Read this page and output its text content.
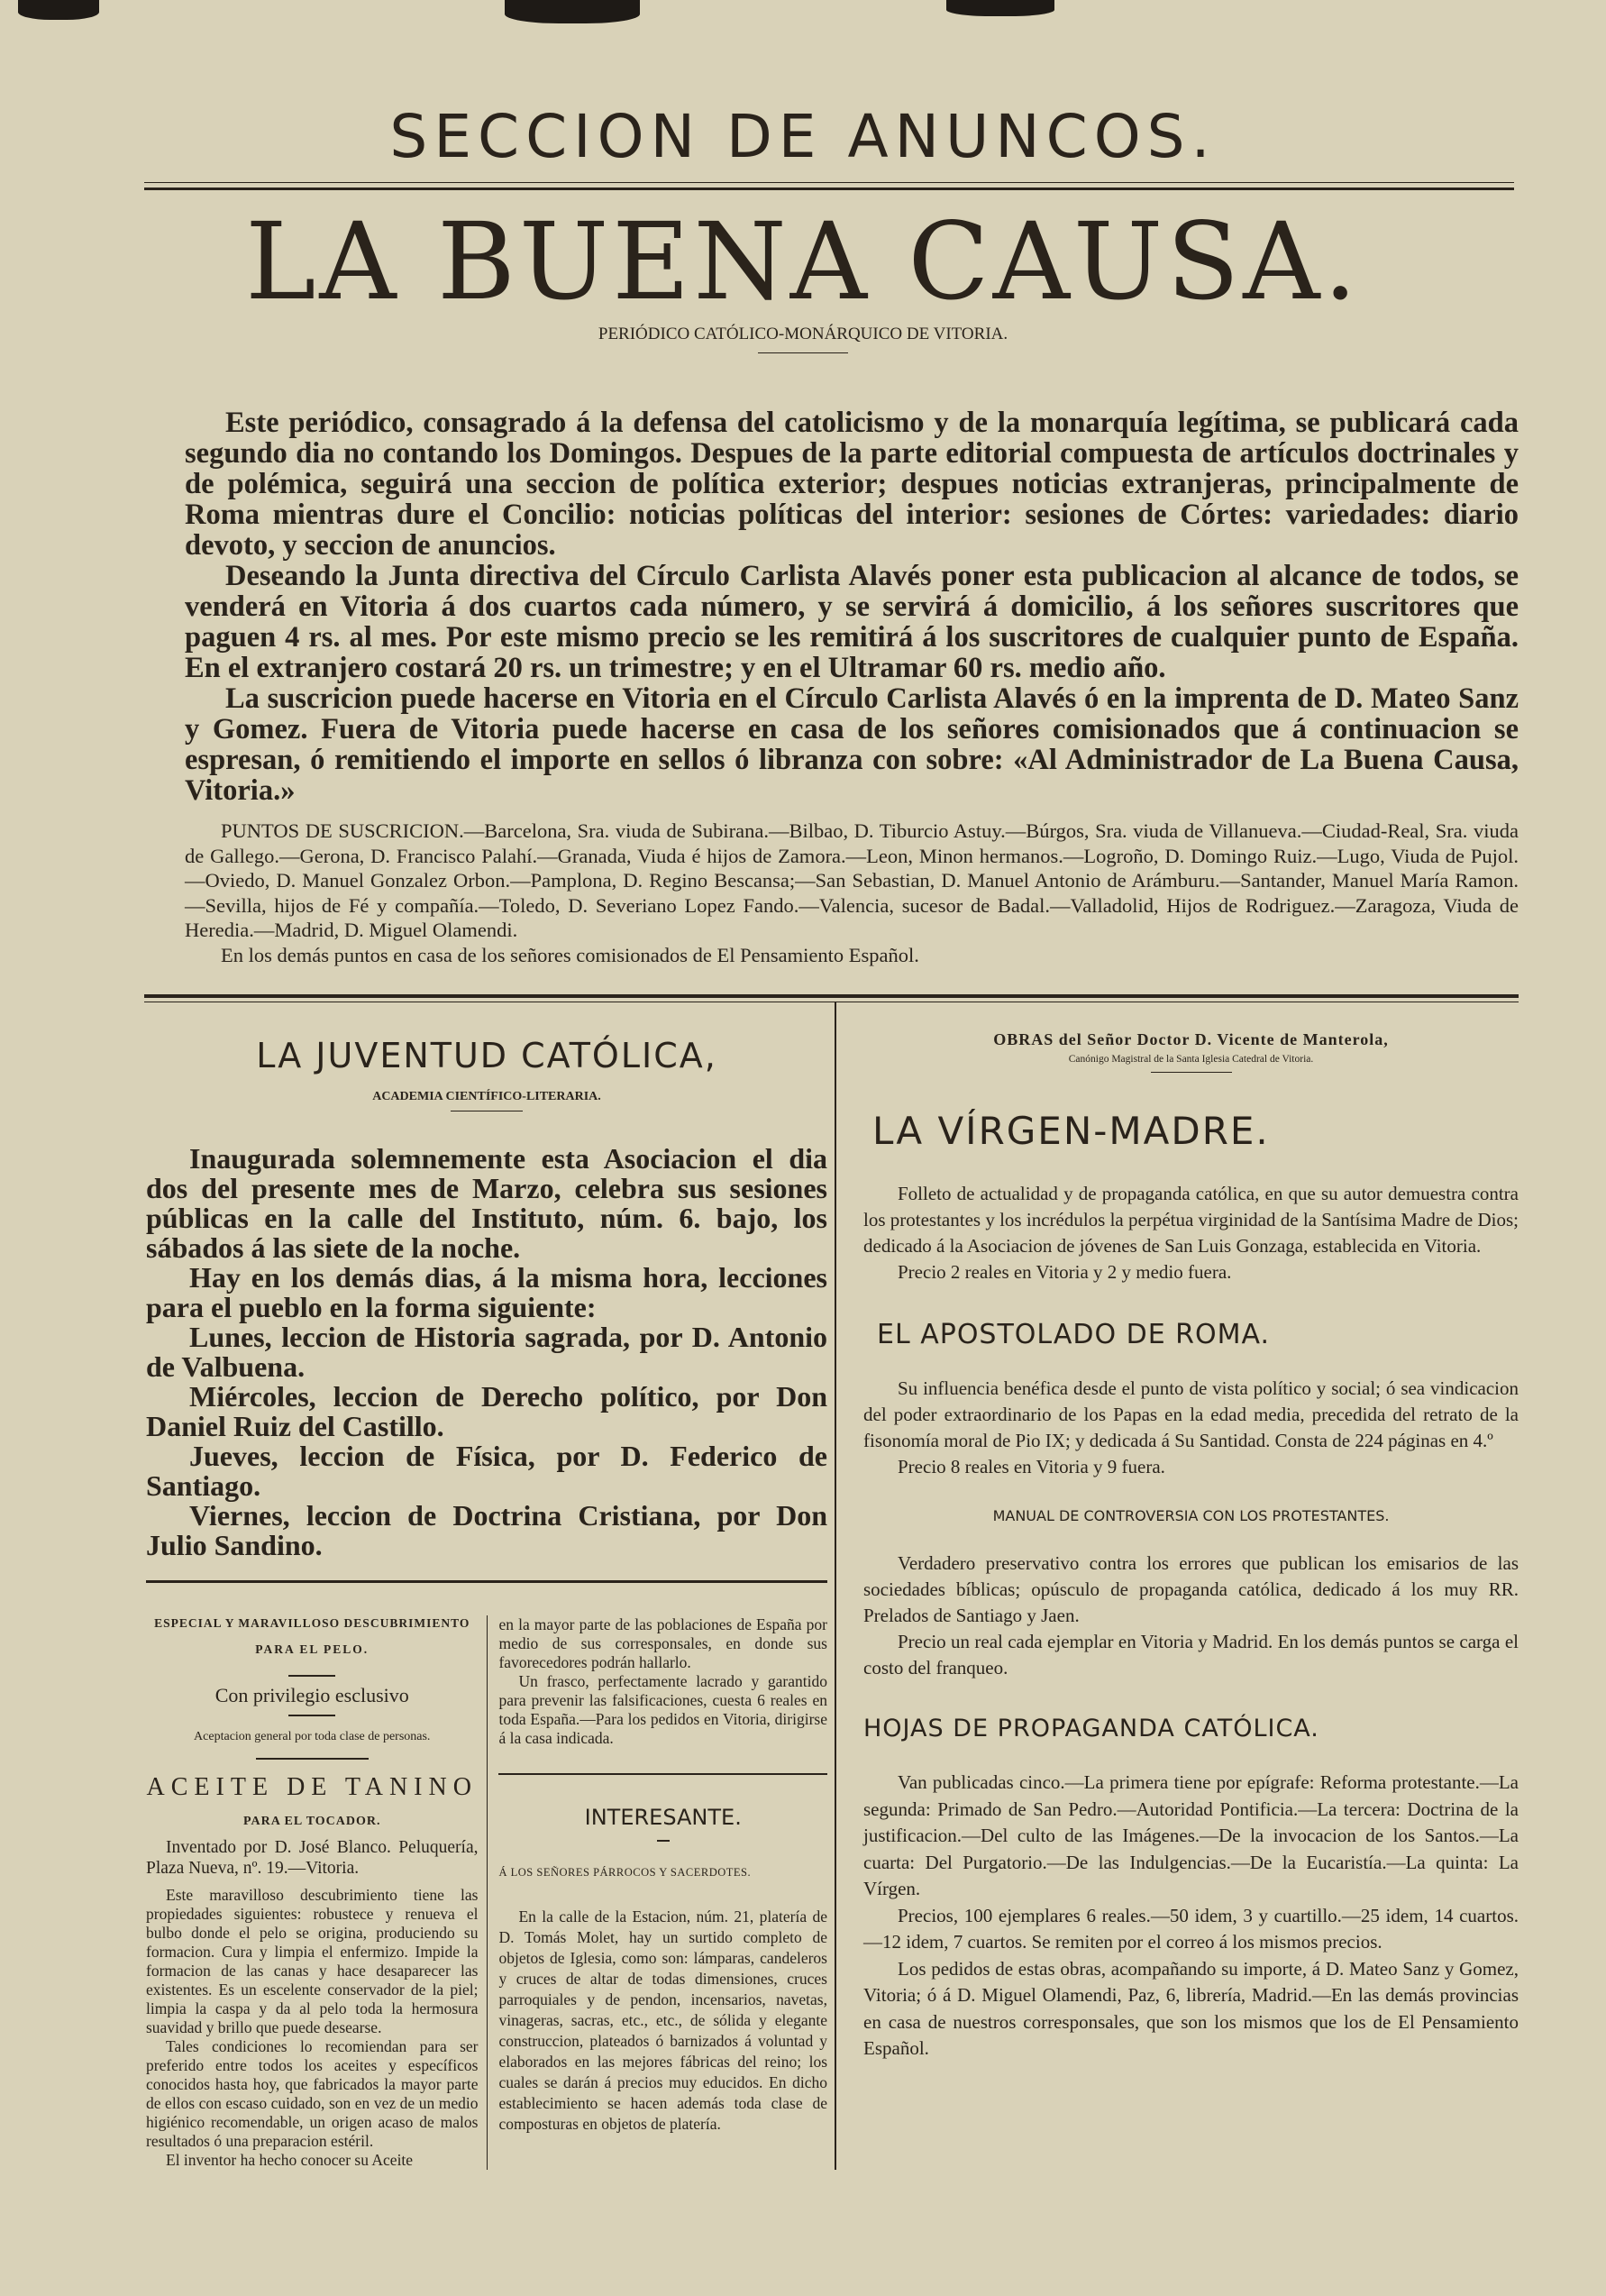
SECCION DE ANUNCOS.
LA BUENA CAUSA.
PERIÓDICO CATÓLICO-MONÁRQUICO DE VITORIA.

Este periódico, consagrado á la defensa del catolicismo y de la monarquía legítima, se publicará cada segundo dia no contando los Domingos. Despues de la parte editorial compuesta de artículos doctrinales y de polémica, seguirá una seccion de política exterior; despues noticias extranjeras, principalmente de Roma mientras dure el Concilio: noticias políticas del interior: sesiones de Córtes: variedades: diario devoto, y seccion de anuncios.

Deseando la Junta directiva del Círculo Carlista Alavés poner esta publicacion al alcance de todos, se venderá en Vitoria á dos cuartos cada número, y se servirá á domicilio, á los señores suscritores que paguen 4 rs. al mes. Por este mismo precio se les remitirá á los suscritores de cualquier punto de España. En el extranjero costará 20 rs. un trimestre; y en el Ultramar 60 rs. medio año.

La suscricion puede hacerse en Vitoria en el Círculo Carlista Alavés ó en la imprenta de D. Mateo Sanz y Gomez. Fuera de Vitoria puede hacerse en casa de los señores comisionados que á continuacion se espresan, ó remitiendo el importe en sellos ó libranza con sobre: «Al Administrador de La Buena Causa, Vitoria.»

PUNTOS DE SUSCRICION.—Barcelona, Sra. viuda de Subirana.—Bilbao, D. Tiburcio Astuy.—Búrgos, Sra. viuda de Villanueva.—Ciudad-Real, Sra. viuda de Gallego.—Gerona, D. Francisco Palahí.—Granada, Viuda é hijos de Zamora.—Leon, Minon hermanos.—Logroño, D. Domingo Ruiz.—Lugo, Viuda de Pujol.—Oviedo, D. Manuel Gonzalez Orbon.—Pamplona, D. Regino Bescansa;—San Sebastian, D. Manuel Antonio de Arámburu.—Santander, Manuel María Ramon.—Sevilla, hijos de Fé y compañía.—Toledo, D. Severiano Lopez Fando.—Valencia, sucesor de Badal.—Valladolid, Hijos de Rodriguez.—Zaragoza, Viuda de Heredia.—Madrid, D. Miguel Olamendi.

En los demás puntos en casa de los señores comisionados de El Pensamiento Español.

LA JUVENTUD CATÓLICA,
ACADEMIA CIENTÍFICO-LITERARIA.

Inaugurada solemnemente esta Asociacion el dia dos del presente mes de Marzo, celebra sus sesiones públicas en la calle del Instituto, núm. 6. bajo, los sábados á las siete de la noche.

Hay en los demás dias, á la misma hora, lecciones para el pueblo en la forma siguiente:

Lunes, leccion de Historia sagrada, por D. Antonio de Valbuena.

Miércoles, leccion de Derecho político, por Don Daniel Ruiz del Castillo.

Jueves, leccion de Física, por D. Federico de Santiago.

Viernes, leccion de Doctrina Cristiana, por Don Julio Sandino.

ESPECIAL Y MARAVILLOSO DESCUBRIMIENTO
PARA EL PELO.
Con privilegio esclusivo
Aceptacion general por toda clase de personas.
ACEITE DE TANINO
PARA EL TOCADOR.
Inventado por D. José Blanco. Peluquería, Plaza Nueva, nº. 19.—Vitoria.

Este maravilloso descubrimiento tiene las propiedades siguientes: robustece y renueva el bulbo donde el pelo se origina, produciendo su formacion. Cura y limpia el enfermizo. Impide la formacion de las canas y hace desaparecer las existentes. Es un escelente conservador de la piel; limpia la caspa y da al pelo toda la hermosura suavidad y brillo que puede desearse.

Tales condiciones lo recomiendan para ser preferido entre todos los aceites y específicos conocidos hasta hoy, que fabricados la mayor parte de ellos con escaso cuidado, son en vez de un medio higiénico recomendable, un origen acaso de malos resultados ó una preparacion estéril.

El inventor ha hecho conocer su Aceite

en la mayor parte de las poblaciones de España por medio de sus corresponsales, en donde sus favorecedores podrán hallarlo.

Un frasco, perfectamente lacrado y garantido para prevenir las falsificaciones, cuesta 6 reales en toda España.—Para los pedidos en Vitoria, dirigirse á la casa indicada.

INTERESANTE.
Á LOS SEÑORES PÁRROCOS Y SACERDOTES.

En la calle de la Estacion, núm. 21, platería de D. Tomás Molet, hay un surtido completo de objetos de Iglesia, como son: lámparas, candeleros y cruces de altar de todas dimensiones, cruces parroquiales y de pendon, incensarios, navetas, vinageras, sacras, etc., etc., de sólida y elegante construccion, plateados ó barnizados á voluntad y elaborados en las mejores fábricas del reino; los cuales se darán á precios muy educidos. En dicho establecimiento se hacen además toda clase de composturas en objetos de platería.

OBRAS del Señor Doctor D. Vicente de Manterola,
Canónigo Magistral de la Santa Iglesia Catedral de Vitoria.
LA VÍRGEN-MADRE.

Folleto de actualidad y de propaganda católica, en que su autor demuestra contra los protestantes y los incrédulos la perpétua virginidad de la Santísima Madre de Dios; dedicado á la Asociacion de jóvenes de San Luis Gonzaga, establecida en Vitoria.

Precio 2 reales en Vitoria y 2 y medio fuera.

EL APOSTOLADO DE ROMA.

Su influencia benéfica desde el punto de vista político y social; ó sea vindicacion del poder extraordinario de los Papas en la edad media, precedida del retrato de la fisonomía moral de Pio IX; y dedicada á Su Santidad. Consta de 224 páginas en 4.º

Precio 8 reales en Vitoria y 9 fuera.

MANUAL DE CONTROVERSIA CON LOS PROTESTANTES.

Verdadero preservativo contra los errores que publican los emisarios de las sociedades bíblicas; opúsculo de propaganda católica, dedicado á los muy RR. Prelados de Santiago y Jaen.

Precio un real cada ejemplar en Vitoria y Madrid. En los demás puntos se carga el costo del franqueo.

HOJAS DE PROPAGANDA CATÓLICA.

Van publicadas cinco.—La primera tiene por epígrafe: Reforma protestante.—La segunda: Primado de San Pedro.—Autoridad Pontificia.—La tercera: Doctrina de la justificacion.—Del culto de las Imágenes.—De la invocacion de los Santos.—La cuarta: Del Purgatorio.—De las Indulgencias.—De la Eucaristía.—La quinta: La Vírgen.

Precios, 100 ejemplares 6 reales.—50 idem, 3 y cuartillo.—25 idem, 14 cuartos.—12 idem, 7 cuartos. Se remiten por el correo á los mismos precios.

Los pedidos de estas obras, acompañando su importe, á D. Mateo Sanz y Gomez, Vitoria; ó á D. Miguel Olamendi, Paz, 6, librería, Madrid.—En las demás provincias en casa de nuestros corresponsales, que son los mismos que los de El Pensamiento Español.
